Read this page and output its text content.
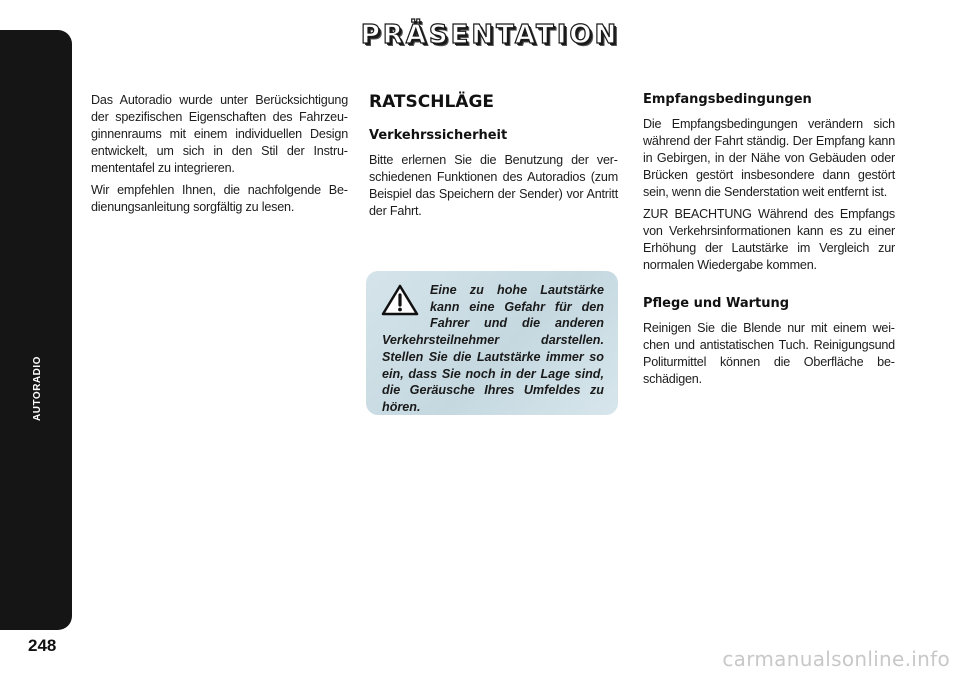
AUTORADIO
248
PRÄSENTATION

Das Autoradio wurde unter Berücksichtigung der spezifischen Eigenschaften des Fahrzeuginnenraums mit einem individuellen Design entwickelt, um sich in den Stil der Instrumententafel zu integrieren.

Wir empfehlen Ihnen, die nachfolgende Bedienungsanleitung sorgfältig zu lesen.

RATSCHLÄGE
Verkehrssicherheit

Bitte erlernen Sie die Benutzung der verschiedenen Funktionen des Autoradios (zum Beispiel das Speichern der Sender) vor Antritt der Fahrt.

Eine zu hohe Lautstärke kann eine Gefahr für den Fahrer und die anderen Verkehrsteilnehmer darstellen. Stellen Sie die Lautstärke immer so ein, dass Sie noch in der Lage sind, die Geräusche Ihres Umfeldes zu hören.
Empfangsbedingungen

Die Empfangsbedingungen verändern sich während der Fahrt ständig. Der Empfang kann in Gebirgen, in der Nähe von Gebäuden oder Brücken gestört insbesondere dann gestört sein, wenn die Senderstation weit entfernt ist.

ZUR BEACHTUNG Während des Empfangs von Verkehrsinformationen kann es zu einer Erhöhung der Lautstärke im Vergleich zur normalen Wiedergabe kommen.

Pflege und Wartung

Reinigen Sie die Blende nur mit einem weichen und antistatischen Tuch. Reinigungsund Politurmittel können die Oberfläche beschädigen.

carmanualsonline.info
